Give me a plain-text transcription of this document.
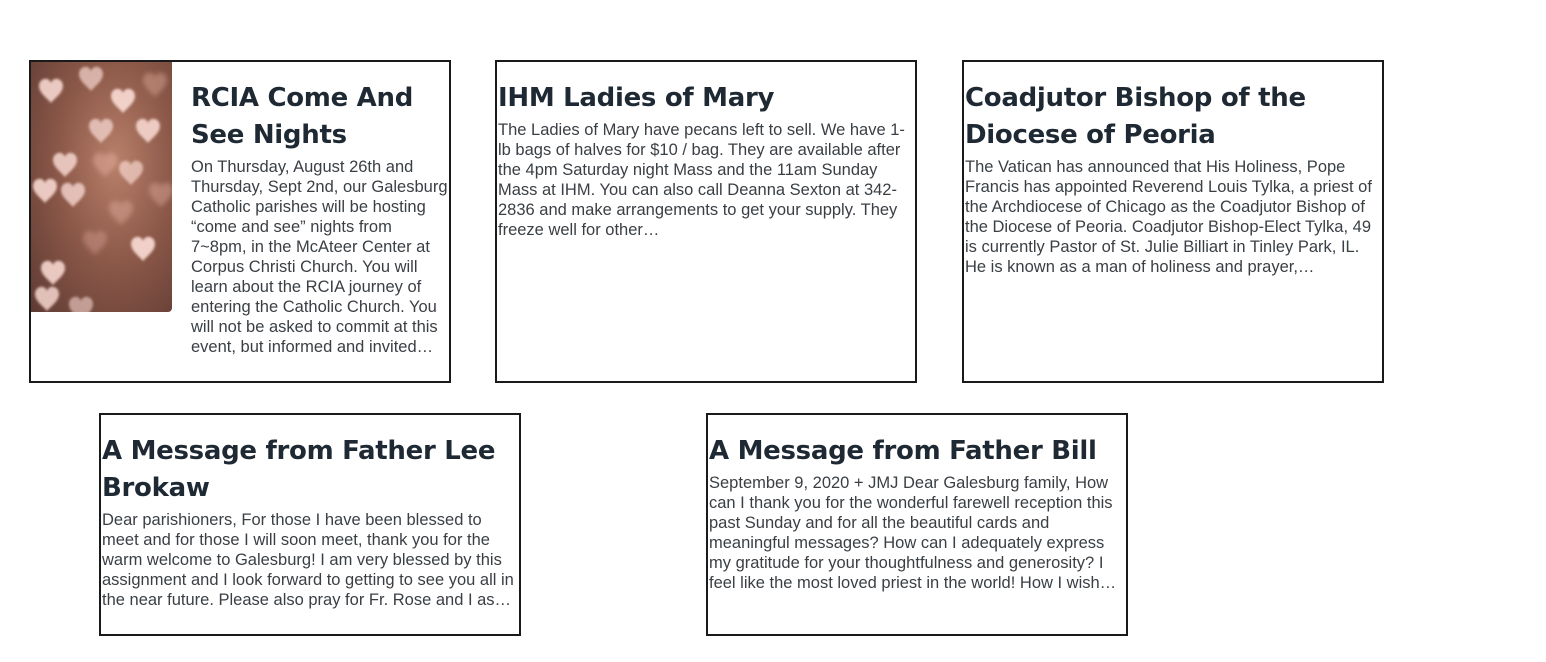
RCIA Come And See Nights

On Thursday, August 26th and Thursday, Sept 2nd, our Galesburg Catholic parishes will be hosting “come and see” nights from 7~8pm, in the McAteer Center at Corpus Christi Church. You will learn about the RCIA journey of entering the Catholic Church. You will not be asked to commit at this event, but informed and invited…

IHM Ladies of Mary

The Ladies of Mary have pecans left to sell. We have 1-lb bags of halves for $10 / bag. They are available after the 4pm Saturday night Mass and the 11am Sunday Mass at IHM. You can also call Deanna Sexton at 342-2836 and make arrangements to get your supply. They freeze well for other…

Coadjutor Bishop of the Diocese of Peoria

The Vatican has announced that His Holiness, Pope Francis has appointed Reverend Louis Tylka, a priest of the Archdiocese of Chicago as the Coadjutor Bishop of the Diocese of Peoria. Coadjutor Bishop-Elect Tylka, 49 is currently Pastor of St. Julie Billiart in Tinley Park, IL. He is known as a man of holiness and prayer,…

A Message from Father Lee Brokaw

Dear parishioners, For those I have been blessed to meet and for those I will soon meet, thank you for the warm welcome to Galesburg! I am very blessed by this assignment and I look forward to getting to see you all in the near future. Please also pray for Fr. Rose and I as…

A Message from Father Bill

September 9, 2020 + JMJ Dear Galesburg family, How can I thank you for the wonderful farewell reception this past Sunday and for all the beautiful cards and meaningful messages? How can I adequately express my gratitude for your thoughtfulness and generosity? I feel like the most loved priest in the world! How I wish…
